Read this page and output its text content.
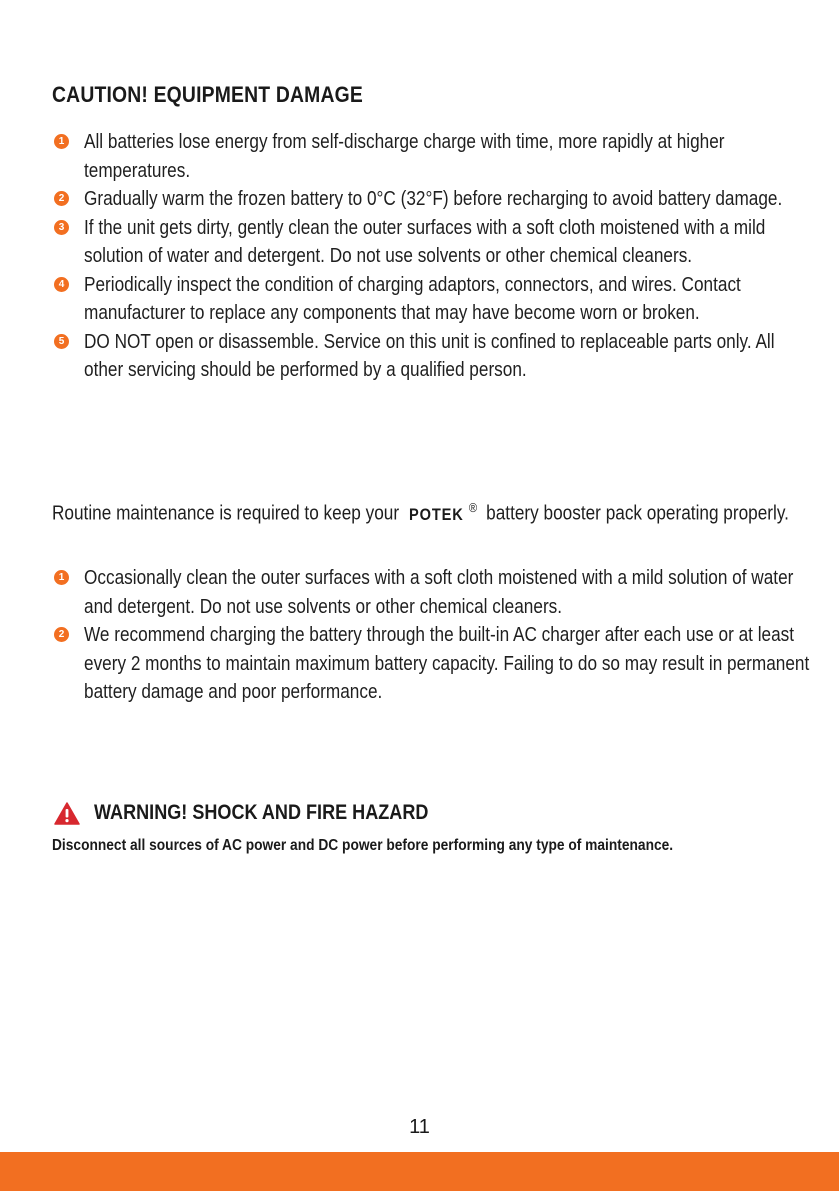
CAUTION! EQUIPMENT DAMAGE
1 All batteries lose energy from self-discharge charge with time, more rapidly at higher temperatures.
2 Gradually warm the frozen battery to 0°C (32°F) before recharging to avoid battery damage.
3 If the unit gets dirty, gently clean the outer surfaces with a soft cloth moistened with a mild solution of water and detergent. Do not use solvents or other chemical cleaners.
4 Periodically inspect the condition of charging adaptors, connectors, and wires. Contact manufacturer to replace any components that may have become worn or broken.
5 DO NOT open or disassemble. Service on this unit is confined to replaceable parts only. All other servicing should be performed by a qualified person.
Routine maintenance is required to keep your POTEK ® battery booster pack operating properly.
1 Occasionally clean the outer surfaces with a soft cloth moistened with a mild solution of water and detergent. Do not use solvents or other chemical cleaners.
2 We recommend charging the battery through the built-in AC charger after each use or at least every 2 months to maintain maximum battery capacity. Failing to do so may result in permanent battery damage and poor performance.
WARNING! SHOCK AND FIRE HAZARD
Disconnect all sources of AC power and DC power before performing any type of maintenance.
11
